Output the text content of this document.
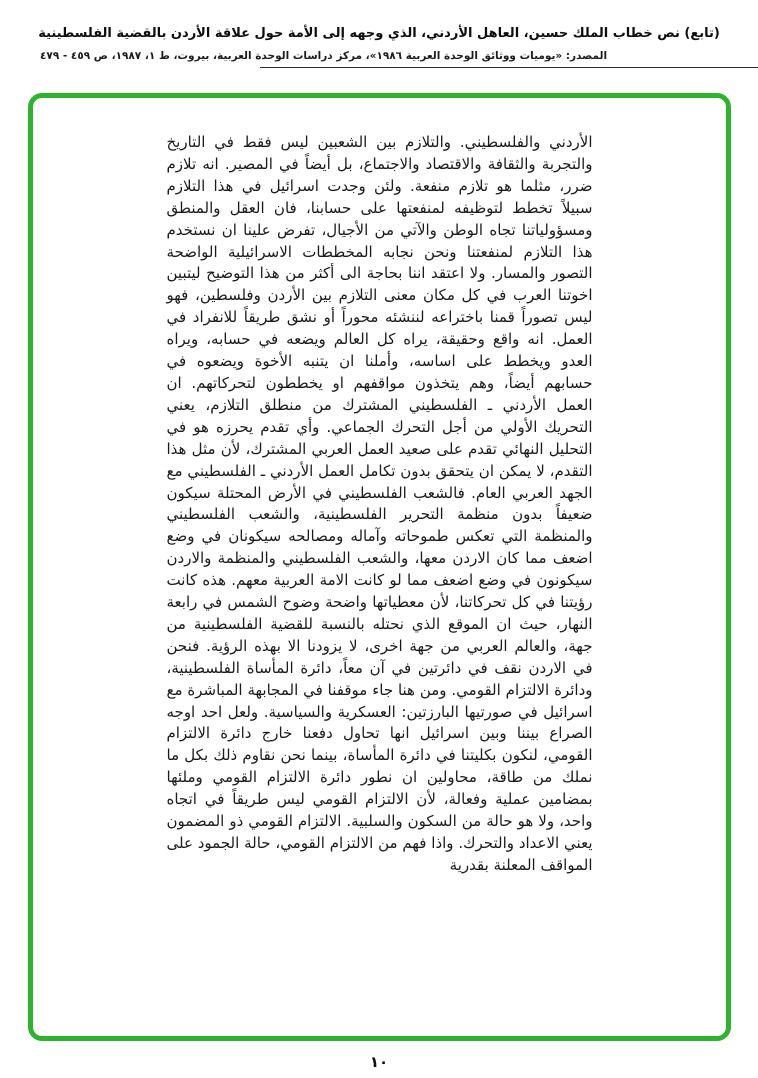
(تابع) نص خطاب الملك حسين، العاهل الأردني، الذي وجهه إلى الأمة حول علاقة الأردن بالقضية الفلسطينية
المصدر: «يوميات ووثائق الوحدة العربية ١٩٨٦»، مركز دراسات الوحدة العربية، بيروت، ط ١، ١٩٨٧، ص ٤٥٩ - ٤٧٩
الأردني والفلسطيني. والتلازم بين الشعبين ليس فقط في التاريخ والتجربة والثقافة والاقتصاد والاجتماع، بل أيضاً في المصير. انه تلازم ضرر، مثلما هو تلازم منفعة. ولئن وجدت اسرائيل في هذا التلازم سبيلاً تخطط لتوظيفه لمنفعتها على حسابنا، فان العقل والمنطق ومسؤولياتنا تجاه الوطن والآتي من الأجيال، تفرض علينا ان نستخدم هذا التلازم لمنفعتنا ونحن نجابه المخططات الاسرائيلية الواضحة التصور والمسار. ولا اعتقد اننا بحاجة الى أكثر من هذا التوضيح ليتبين اخوتنا العرب في كل مكان معنى التلازم بين الأردن وفلسطين، فهو ليس تصوراً قمنا باختراعه لننشئه محوراً أو نشق طريقاً للانفراد في العمل. انه واقع وحقيقة، يراه كل العالم ويضعه في حسابه، ويراه العدو ويخطط على اساسه، وأملنا ان يتنبه الأخوة ويضعوه في حسابهم أيضاً، وهم يتخذون مواقفهم او يخططون لتحركاتهم. ان العمل الأردني ـ الفلسطيني المشترك من منطلق التلازم، يعني التحريك الأولي من أجل التحرك الجماعي. وأي تقدم يحرزه هو في التحليل النهائي تقدم على صعيد العمل العربي المشترك، لأن مثل هذا التقدم، لا يمكن ان يتحقق بدون تكامل العمل الأردني ـ الفلسطيني مع الجهد العربي العام. فالشعب الفلسطيني في الأرض المحتلة سيكون ضعيفاً بدون منظمة التحرير الفلسطينية، والشعب الفلسطيني والمنظمة التي تعكس طموحاته وآماله ومصالحه سيكونان في وضع اضعف مما كان الاردن معها، والشعب الفلسطيني والمنظمة والاردن سيكونون في وضع اضعف مما لو كانت الامة العربية معهم. هذه كانت رؤيتنا في كل تحركاتنا، لأن معطياتها واضحة وضوح الشمس في رابعة النهار، حيث ان الموقع الذي نحتله بالنسبة للقضية الفلسطينية من جهة، والعالم العربي من جهة اخرى، لا يزودنا الا بهذه الرؤية. فنحن في الاردن نقف في دائرتين في آن معاً، دائرة المأساة الفلسطينية، ودائرة الالتزام القومي. ومن هنا جاء موقفنا في المجابهة المباشرة مع اسرائيل في صورتيها البارزتين: العسكرية والسياسية. ولعل احد اوجه الصراع بيننا وبين اسرائيل انها تحاول دفعنا خارج دائرة الالتزام القومي، لنكون بكليتنا في دائرة المأساة، بينما نحن نقاوم ذلك بكل ما نملك من طاقة، محاولين ان نطور دائرة الالتزام القومي وملئها بمضامين عملية وفعالة، لأن الالتزام القومي ليس طريقاً في اتجاه واحد، ولا هو حالة من السكون والسلبية. الالتزام القومي ذو المضمون يعني الاعداد والتحرك. واذا فهم من الالتزام القومي، حالة الجمود على المواقف المعلنة بقدرية
١٠
